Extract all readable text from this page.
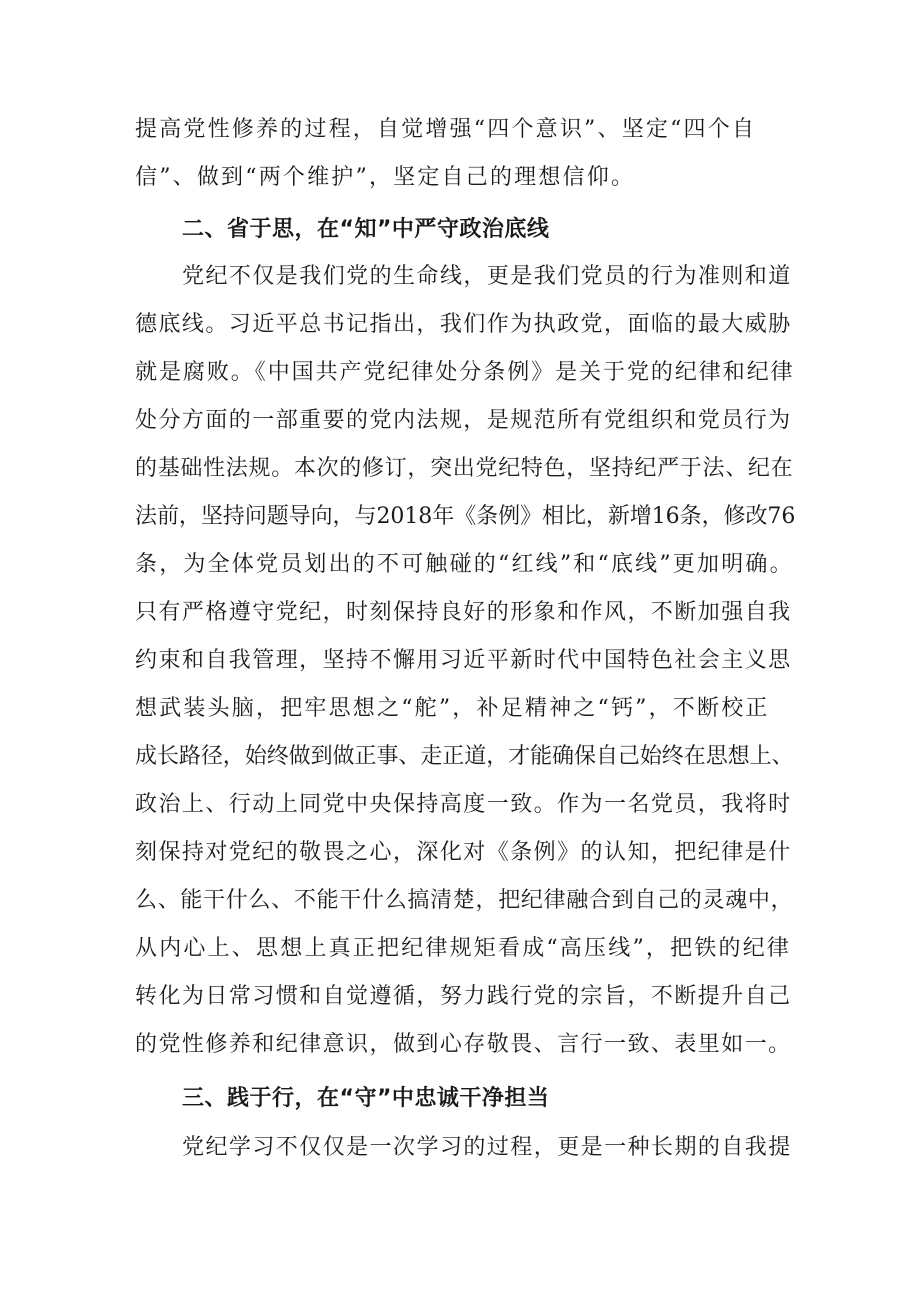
提高党性修养的过程，自觉增强“四个意识”、坚定“四个自
信”、做到“两个维护”，坚定自己的理想信仰。
二、省于思，在“知”中严守政治底线
党纪不仅是我们党的生命线，更是我们党员的行为准则和道
德底线。习近平总书记指出，我们作为执政党，面临的最大威胁
就是腐败。《中国共产党纪律处分条例》是关于党的纪律和纪律
处分方面的一部重要的党内法规，是规范所有党组织和党员行为
的基础性法规。本次的修订，突出党纪特色，坚持纪严于法、纪在
法前，坚持问题导向，与2018年《条例》相比，新增16条，修改76
条，为全体党员划出的不可触碰的“红线”和“底线”更加明确。
只有严格遵守党纪，时刻保持良好的形象和作风，不断加强自我
约束和自我管理，坚持不懈用习近平新时代中国特色社会主义思
想武装头脑，把牢思想之“舵”，补足精神之“钙”，不断校正
成长路径，始终做到做正事、走正道，才能确保自己始终在思想上、
政治上、行动上同党中央保持高度一致。作为一名党员，我将时
刻保持对党纪的敬畏之心，深化对《条例》的认知，把纪律是什
么、能干什么、不能干什么搞清楚，把纪律融合到自己的灵魂中，
从内心上、思想上真正把纪律规矩看成“高压线”，把铁的纪律
转化为日常习惯和自觉遵循，努力践行党的宗旨，不断提升自己
的党性修养和纪律意识，做到心存敬畏、言行一致、表里如一。
三、践于行，在“守”中忠诚干净担当
党纪学习不仅仅是一次学习的过程，更是一种长期的自我提
